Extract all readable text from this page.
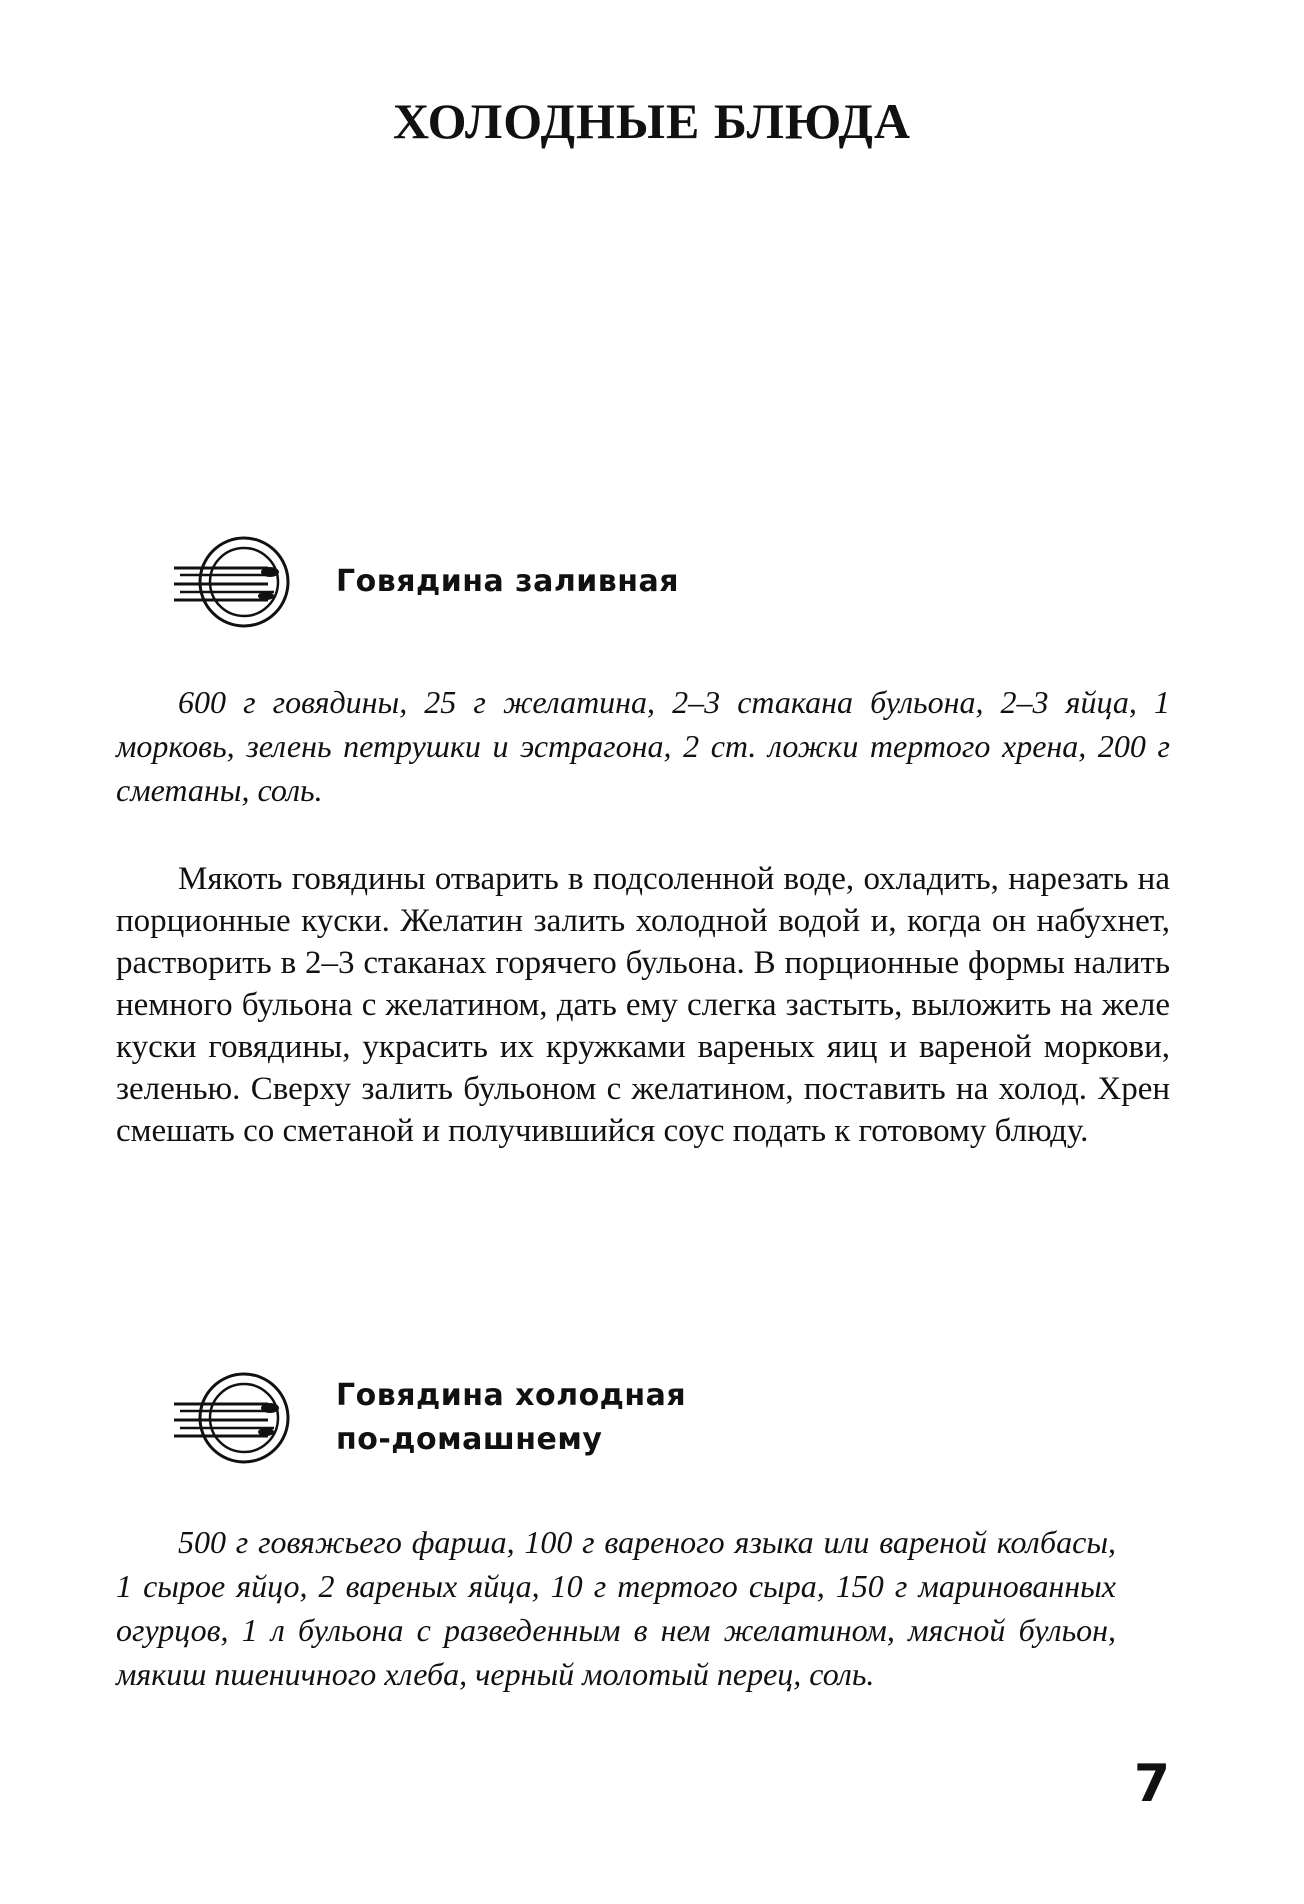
ХОЛОДНЫЕ БЛЮДА
Говядина заливная

600 г говядины, 25 г желатина, 2–3 стакана бульона, 2–3 яйца, 1 морковь, зелень петрушки и эстрагона, 2 ст. ложки тертого хрена, 200 г сметаны, соль.

Мякоть говядины отварить в подсоленной воде, охладить, нарезать на порционные куски. Желатин залить холодной водой и, когда он набухнет, растворить в 2–3 стаканах горячего бульона. В порционные формы налить немного бульона с желатином, дать ему слегка застыть, выложить на желе куски говядины, украсить их кружками вареных яиц и вареной моркови, зеленью. Сверху залить бульоном с желатином, поставить на холод. Хрен смешать со сметаной и получившийся соус подать к готовому блюду.

Говядина холодная
по-домашнему

500 г говяжьего фарша, 100 г вареного языка или вареной колбасы, 1 сырое яйцо, 2 вареных яйца, 10 г тертого сыра, 150 г маринованных огурцов, 1 л бульона с разведенным в нем желатином, мясной бульон, мякиш пшеничного хлеба, черный молотый перец, соль.

7
